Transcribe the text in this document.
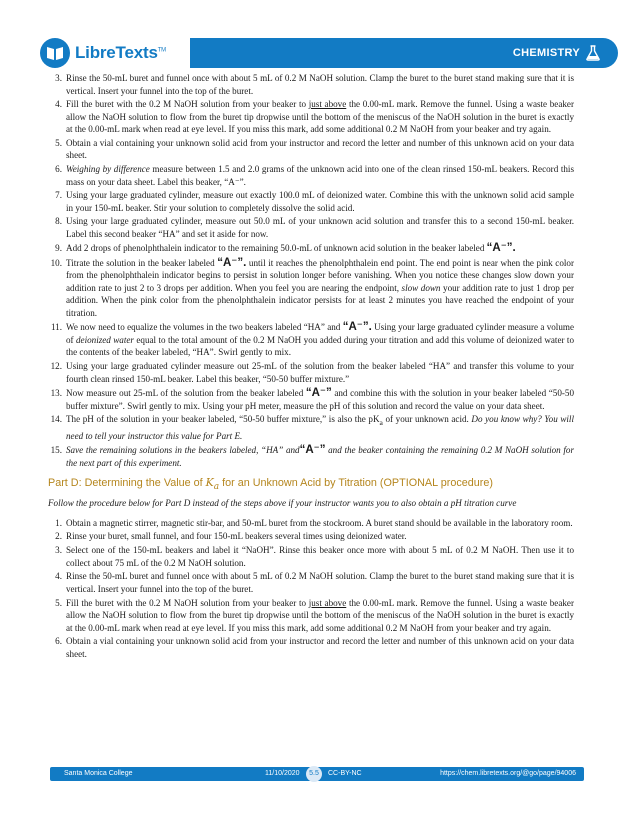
LibreTexts™	CHEMISTRY
3. Rinse the 50-mL buret and funnel once with about 5 mL of 0.2 M NaOH solution. Clamp the buret to the buret stand making sure that it is vertical. Insert your funnel into the top of the buret.
4. Fill the buret with the 0.2 M NaOH solution from your beaker to just above the 0.00-mL mark. Remove the funnel. Using a waste beaker allow the NaOH solution to flow from the buret tip dropwise until the bottom of the meniscus of the NaOH solution in the buret is exactly at the 0.00-mL mark when read at eye level. If you miss this mark, add some additional 0.2 M NaOH from your beaker and try again.
5. Obtain a vial containing your unknown solid acid from your instructor and record the letter and number of this unknown acid on your data sheet.
6. Weighing by difference measure between 1.5 and 2.0 grams of the unknown acid into one of the clean rinsed 150-mL beakers. Record this mass on your data sheet. Label this beaker, “A⁻”.
7. Using your large graduated cylinder, measure out exactly 100.0 mL of deionized water. Combine this with the unknown solid acid sample in your 150-mL beaker. Stir your solution to completely dissolve the solid acid.
8. Using your large graduated cylinder, measure out 50.0 mL of your unknown acid solution and transfer this to a second 150-mL beaker. Label this second beaker “HA” and set it aside for now.
9. Add 2 drops of phenolphthalein indicator to the remaining 50.0-mL of unknown acid solution in the beaker labeled “A⁻”.
10. Titrate the solution in the beaker labeled “A⁻”. until it reaches the phenolphthalein end point. The end point is near when the pink color from the phenolphthalein indicator begins to persist in solution longer before vanishing. When you notice these changes slow down your addition rate to just 2 to 3 drops per addition. When you feel you are nearing the endpoint, slow down your addition rate to just 1 drop per addition. When the pink color from the phenolphthalein indicator persists for at least 2 minutes you have reached the endpoint of your titration.
11. We now need to equalize the volumes in the two beakers labeled “HA” and “A⁻”. Using your large graduated cylinder measure a volume of deionized water equal to the total amount of the 0.2 M NaOH you added during your titration and add this volume of deionized water to the contents of the beaker labeled, “HA”. Swirl gently to mix.
12. Using your large graduated cylinder measure out 25-mL of the solution from the beaker labeled “HA” and transfer this volume to your fourth clean rinsed 150-mL beaker. Label this beaker, “50-50 buffer mixture.”
13. Now measure out 25-mL of the solution from the beaker labeled “A⁻” and combine this with the solution in your beaker labeled “50-50 buffer mixture”. Swirl gently to mix. Using your pH meter, measure the pH of this solution and record the value on your data sheet.
14. The pH of the solution in your beaker labeled, “50-50 buffer mixture,” is also the $pK_a$ of your unknown acid. Do you know why? You will need to tell your instructor this value for Part E.
15. Save the remaining solutions in the beakers labeled, “HA” and“A⁻” and the beaker containing the remaining 0.2 M NaOH solution for the next part of this experiment.
Part D: Determining the Value of $K_a$ for an Unknown Acid by Titration (OPTIONAL procedure)
Follow the procedure below for Part D instead of the steps above if your instructor wants you to also obtain a pH titration curve
1. Obtain a magnetic stirrer, magnetic stir-bar, and 50-mL buret from the stockroom. A buret stand should be available in the laboratory room.
2. Rinse your buret, small funnel, and four 150-mL beakers several times using deionized water.
3. Select one of the 150-mL beakers and label it “NaOH”. Rinse this beaker once more with about 5 mL of 0.2 M NaOH. Then use it to collect about 75 mL of the 0.2 M NaOH solution.
4. Rinse the 50-mL buret and funnel once with about 5 mL of 0.2 M NaOH solution. Clamp the buret to the buret stand making sure that it is vertical. Insert your funnel into the top of the buret.
5. Fill the buret with the 0.2 M NaOH solution from your beaker to just above the 0.00-mL mark. Remove the funnel. Using a waste beaker allow the NaOH solution to flow from the buret tip dropwise until the bottom of the meniscus of the NaOH solution in the buret is exactly at the 0.00-mL mark when read at eye level. If you miss this mark, add some additional 0.2 M NaOH from your beaker and try again.
6. Obtain a vial containing your unknown solid acid from your instructor and record the letter and number of this unknown acid on your data sheet.
Santa Monica College	11/10/2020	5.5	CC-BY-NC	https://chem.libretexts.org/@go/page/94006
